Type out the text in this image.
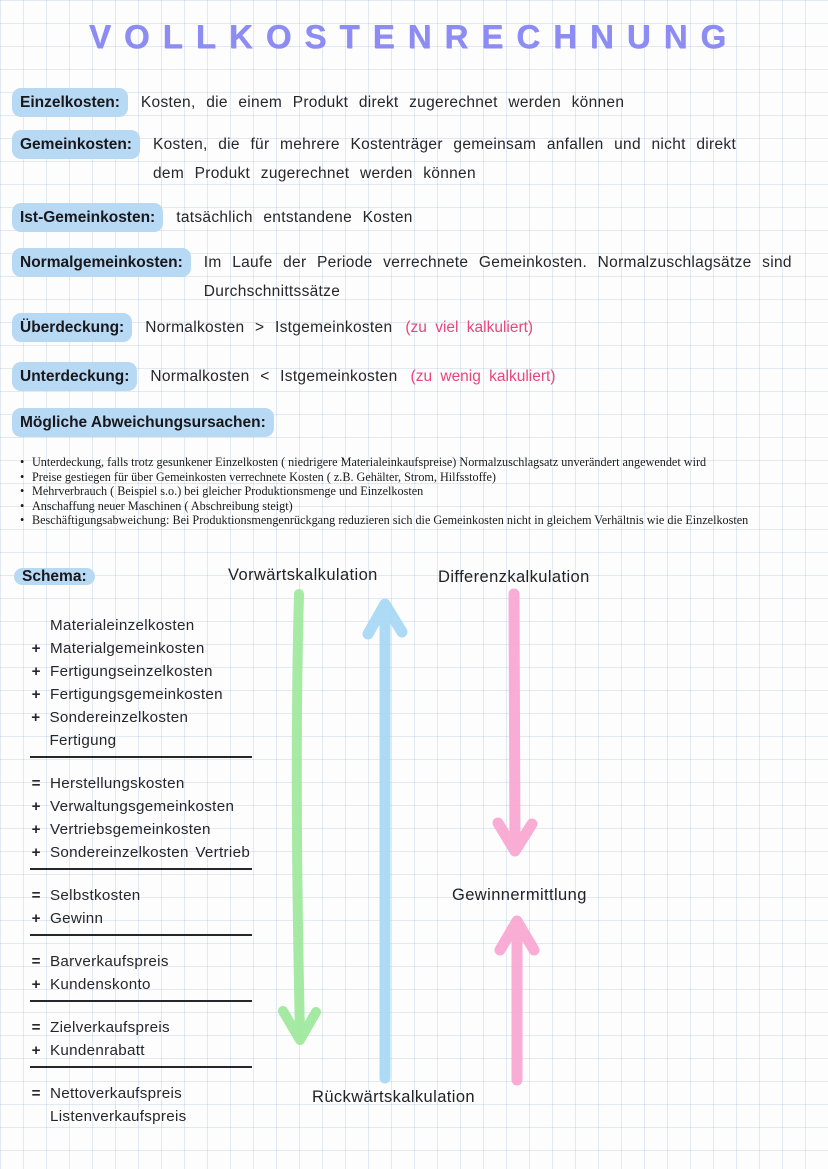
VOLLKOSTENRECHNUNG
Einzelkosten:	Kosten, die einem Produkt direkt zugerechnet werden können
Gemeinkosten:	Kosten, die für mehrere Kostenträger gemeinsam anfallen und nicht direkt dem Produkt zugerechnet werden können
Ist-Gemeinkosten:	tatsächlich entstandene Kosten
Normalgemeinkosten:	Im Laufe der Periode verrechnete Gemeinkosten. Normalzuschlagsätze sind Durchschnittssätze
Überdeckung:	Normalkosten > Istgemeinkosten (zu viel kalkuliert)
Unterdeckung:	Normalkosten < Istgemeinkosten (zu wenig kalkuliert)
Mögliche Abweichungsursachen:
• Unterdeckung, falls trotz gesunkener Einzelkosten ( niedrigere Materialeinkaufspreise) Normalzuschlagsatz unverändert angewendet wird
• Preise gestiegen für über Gemeinkosten verrechnete Kosten ( z.B. Gehälter, Strom, Hilfsstoffe)
• Mehrverbrauch ( Beispiel s.o.) bei gleicher Produktionsmenge und Einzelkosten
• Anschaffung neuer Maschinen ( Abschreibung steigt)
• Beschäftigungsabweichung: Bei Produktionsmengenrückgang reduzieren sich die Gemeinkosten nicht in gleichem Verhältnis wie die Einzelkosten
Schema:	Vorwärtskalkulation	Differenzkalkulation
Gewinnermittlung
Rückwärtskalkulation
Materialeinzelkosten
+ Materialgemeinkosten
+ Fertigungseinzelkosten
+ Fertigungsgemeinkosten
+ Sondereinzelkosten Fertigung
= Herstellungskosten
+ Verwaltungsgemeinkosten
+ Vertriebsgemeinkosten
+ Sondereinzelkosten Vertrieb
= Selbstkosten
+ Gewinn
= Barverkaufspreis
+ Kundenskonto
= Zielverkaufspreis
+ Kundenrabatt
= Nettoverkaufspreis
Listenverkaufspreis
